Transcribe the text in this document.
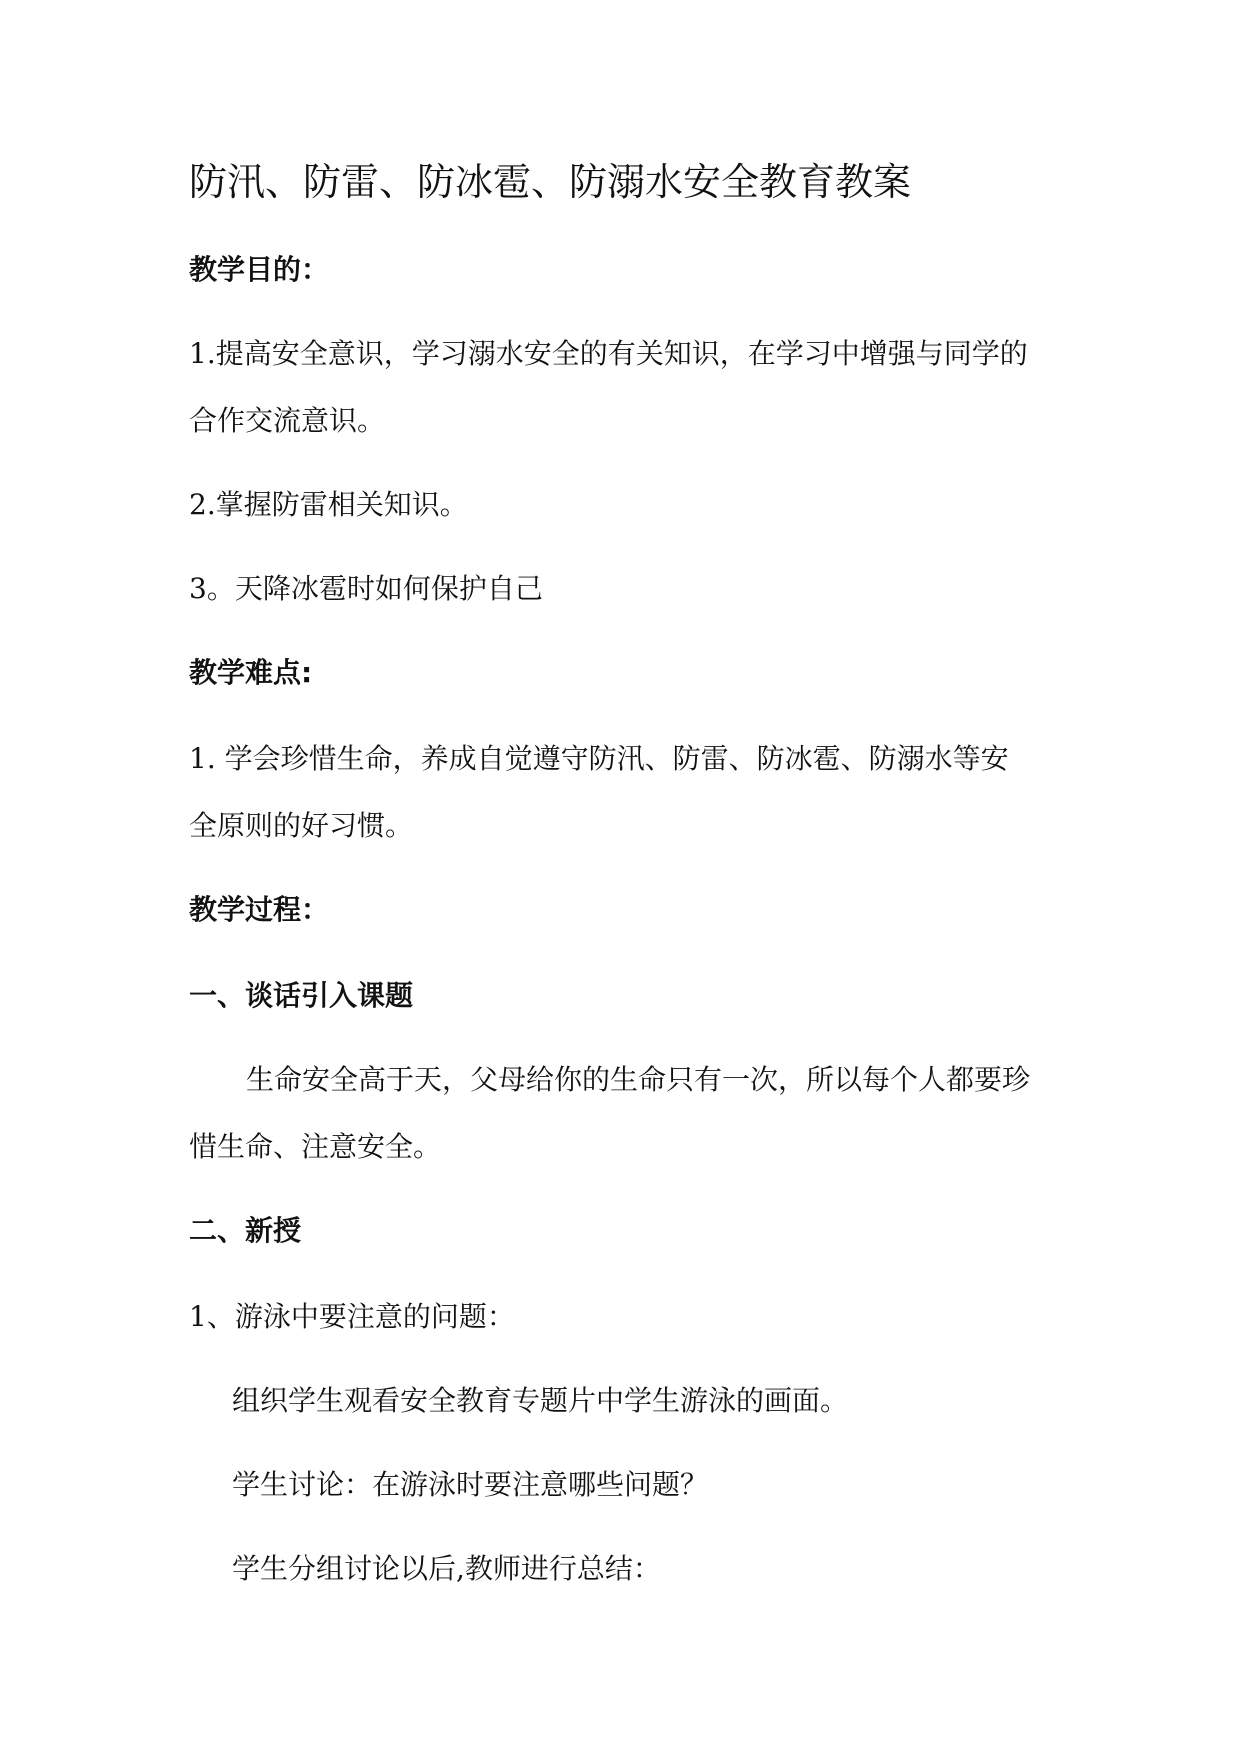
防汛、防雷、防冰雹、防溺水安全教育教案
教学目的：
1.提高安全意识，学习溺水安全的有关知识，在学习中增强与同学的
合作交流意识。
2.掌握防雷相关知识。
3。天降冰雹时如何保护自己
教学难点:
1. 学会珍惜生命，养成自觉遵守防汛、防雷、防冰雹、防溺水等安
全原则的好习惯。
教学过程：
一、谈话引入课题
生命安全高于天，父母给你的生命只有一次，所以每个人都要珍
惜生命、注意安全。
二、新授
1、游泳中要注意的问题：
组织学生观看安全教育专题片中学生游泳的画面。
学生讨论：在游泳时要注意哪些问题？
学生分组讨论以后,教师进行总结：
